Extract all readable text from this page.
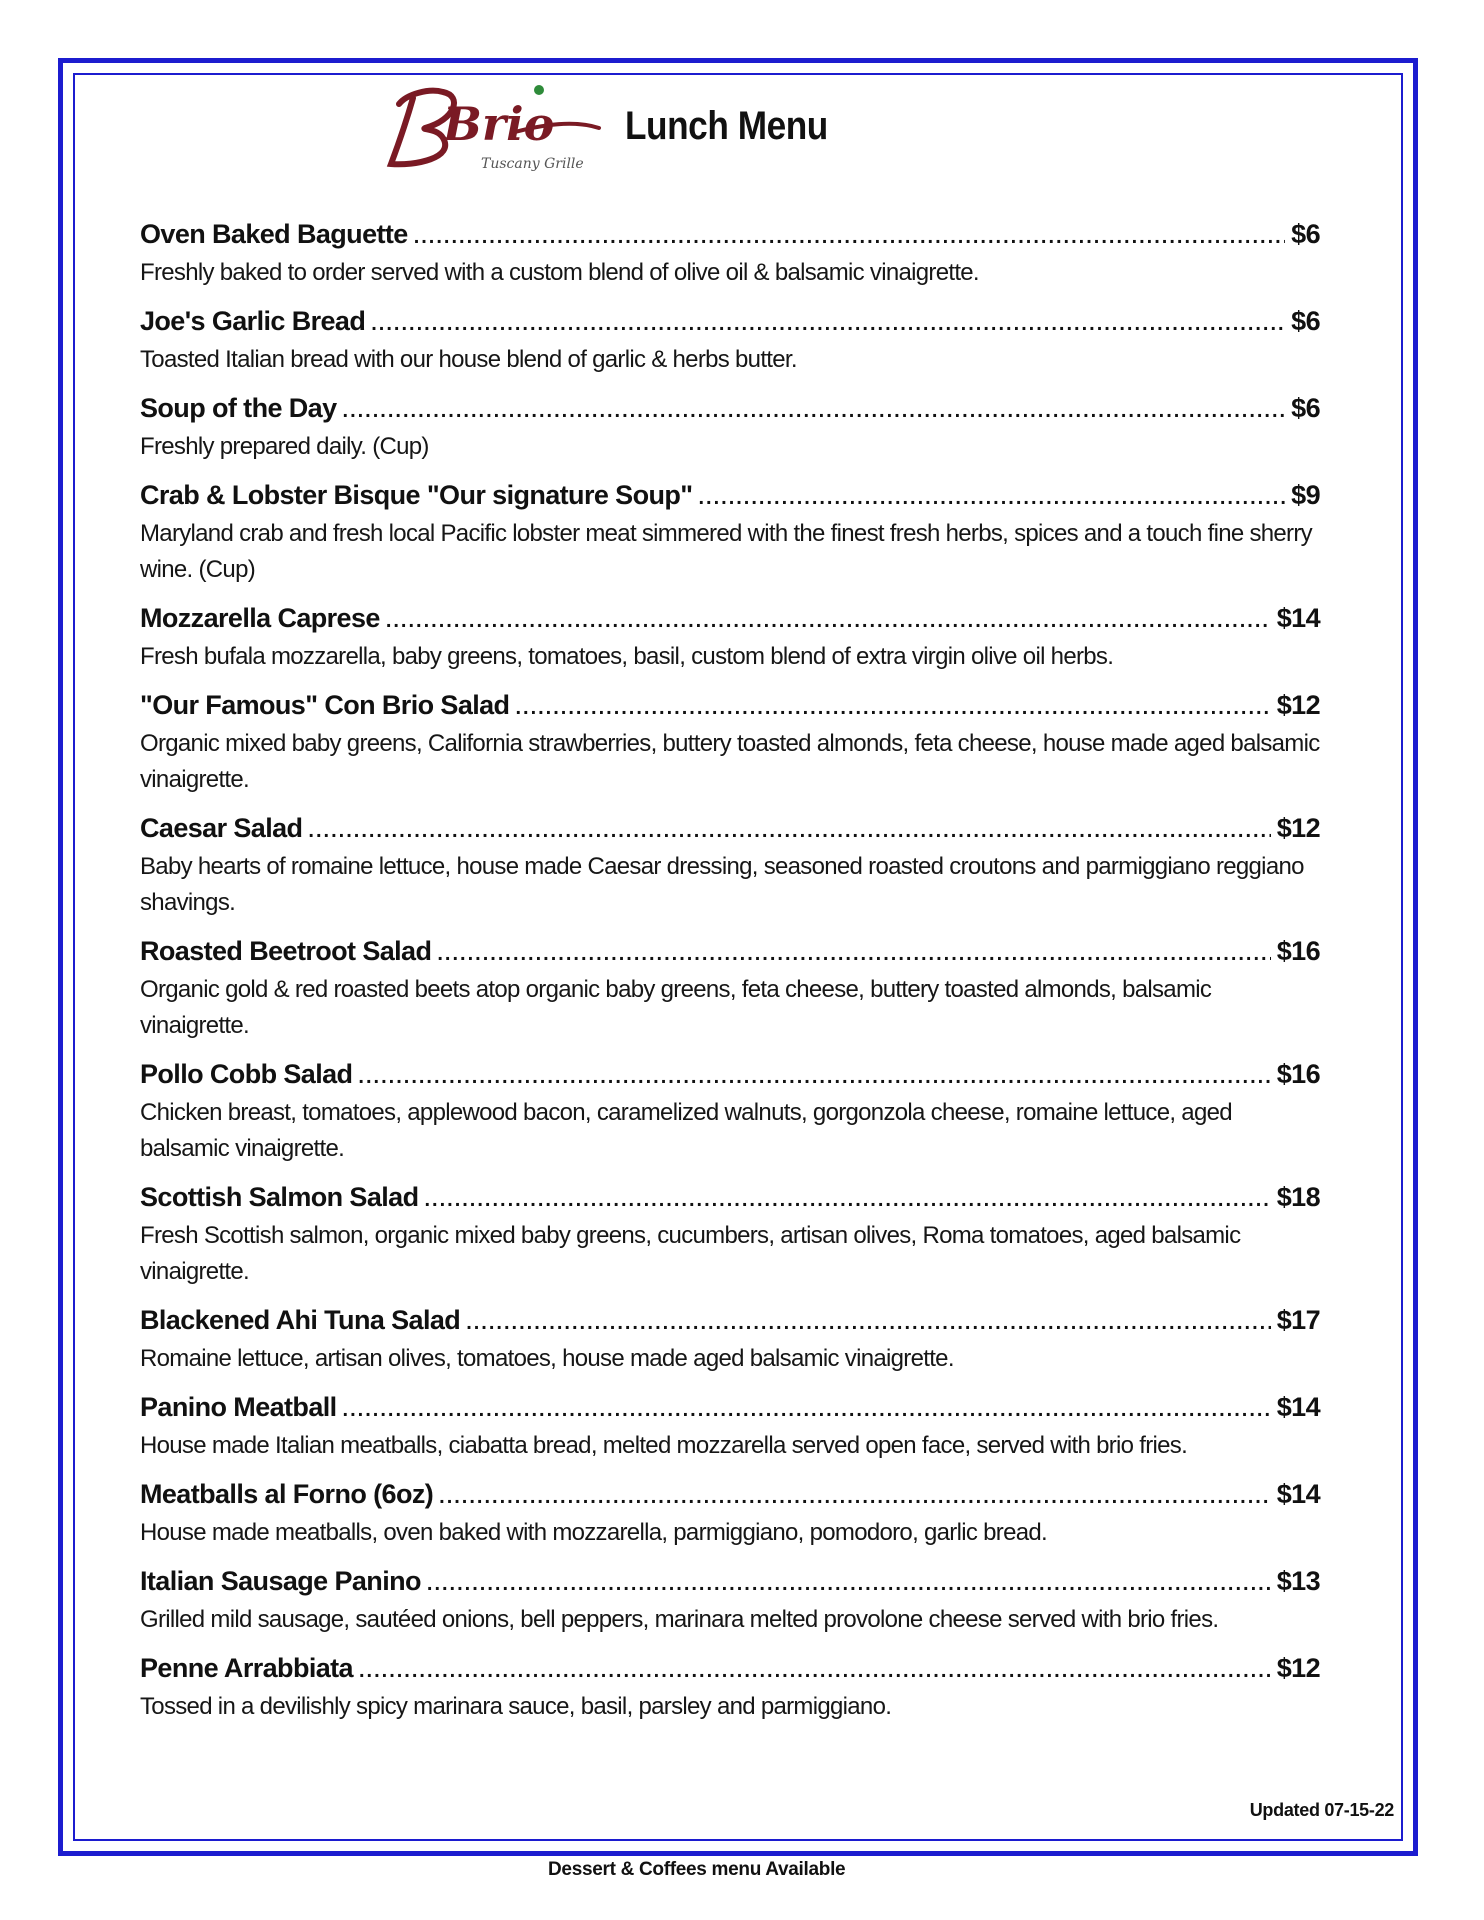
Brio
Tuscany Grille
Lunch Menu
Oven Baked Baguette .....	$6
Freshly baked to order served with a custom blend of olive oil & balsamic vinaigrette.
Joe's Garlic Bread .....	$6
Toasted Italian bread with our house blend of garlic & herbs butter.
Soup of the Day .....	$6
Freshly prepared daily. (Cup)
Crab & Lobster Bisque "Our signature Soup" .....	$9
Maryland crab and fresh local Pacific lobster meat simmered with the finest fresh herbs, spices and a touch fine sherry wine. (Cup)
Mozzarella Caprese .....	$14
Fresh bufala mozzarella, baby greens, tomatoes, basil, custom blend of extra virgin olive oil herbs.
"Our Famous" Con Brio Salad .....	$12
Organic mixed baby greens, California strawberries, buttery toasted almonds, feta cheese, house made aged balsamic vinaigrette.
Caesar Salad .....	$12
Baby hearts of romaine lettuce, house made Caesar dressing, seasoned roasted croutons and parmiggiano reggiano shavings.
Roasted Beetroot Salad .....	$16
Organic gold & red roasted beets atop organic baby greens, feta cheese, buttery toasted almonds, balsamic vinaigrette.
Pollo Cobb Salad .....	$16
Chicken breast, tomatoes, applewood bacon, caramelized walnuts, gorgonzola cheese, romaine lettuce, aged balsamic vinaigrette.
Scottish Salmon Salad .....	$18
Fresh Scottish salmon, organic mixed baby greens, cucumbers, artisan olives, Roma tomatoes, aged balsamic vinaigrette.
Blackened Ahi Tuna Salad .....	$17
Romaine lettuce, artisan olives, tomatoes, house made aged balsamic vinaigrette.
Panino Meatball .....	$14
House made Italian meatballs, ciabatta bread, melted mozzarella served open face, served with brio fries.
Meatballs al Forno (6oz) .....	$14
House made meatballs, oven baked with mozzarella, parmiggiano, pomodoro, garlic bread.
Italian Sausage Panino .....	$13
Grilled mild sausage, sautéed onions, bell peppers, marinara melted provolone cheese served with brio fries.
Penne Arrabbiata .....	$12
Tossed in a devilishly spicy marinara sauce, basil, parsley and parmiggiano.
Updated 07-15-22
Dessert & Coffees menu Available
